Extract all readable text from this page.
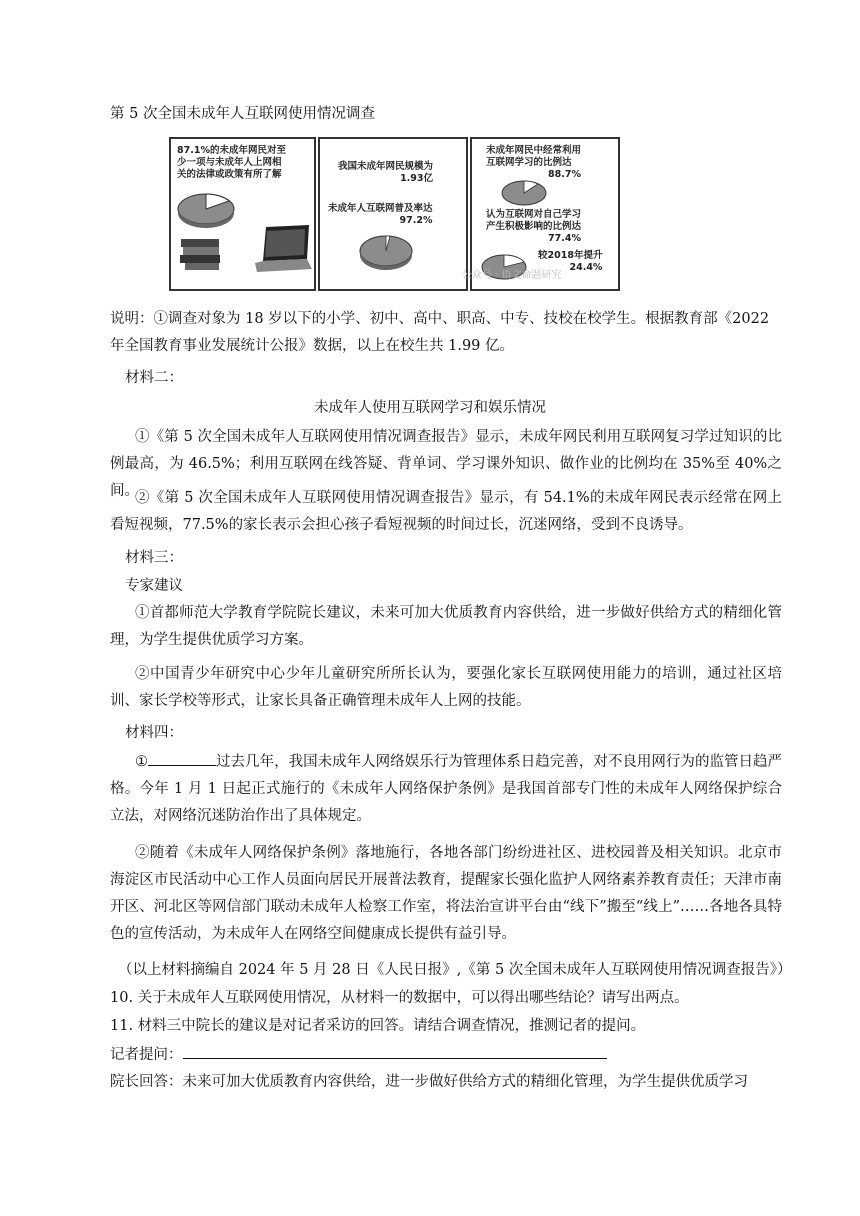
第 5 次全国未成年人互联网使用情况调查
87.1%的未成年网民对至
少一项与未成年人上网相
关的法律或政策有所了解
我国未成年网民规模为
1.93亿
未成年人互联网普及率达
97.2%
未成年网民中经常利用
互联网学习的比例达
88.7%
认为互联网对自己学习
产生积极影响的比例达
77.4%
较2018年提升
24.4%
公众号 · 语文命题研究
说明：①调查对象为 18 岁以下的小学、初中、高中、职高、中专、技校在校学生。根据教育部《2022
年全国教育事业发展统计公报》数据，以上在校生共 1.99 亿。
材料二：
未成年人使用互联网学习和娱乐情况
①《第 5 次全国未成年人互联网使用情况调查报告》显示，未成年网民利用互联网复习学过知识的比例最高，为 46.5%；利用互联网在线答疑、背单词、学习课外知识、做作业的比例均在 35%至 40%之间。
②《第 5 次全国未成年人互联网使用情况调查报告》显示，有 54.1%的未成年网民表示经常在网上看短视频，77.5%的家长表示会担心孩子看短视频的时间过长，沉迷网络，受到不良诱导。
材料三：
专家建议
①首都师范大学教育学院院长建议，未来可加大优质教育内容供给，进一步做好供给方式的精细化管理，为学生提供优质学习方案。
②中国青少年研究中心少年儿童研究所所长认为，要强化家长互联网使用能力的培训，通过社区培训、家长学校等形式，让家长具备正确管理未成年人上网的技能。
材料四：
①	过去几年，我国未成年人网络娱乐行为管理体系日趋完善，对不良用网行为的监管日趋严格。今年 1 月 1 日起正式施行的《未成年人网络保护条例》是我国首部专门性的未成年人网络保护综合立法，对网络沉迷防治作出了具体规定。
②随着《未成年人网络保护条例》落地施行，各地各部门纷纷进社区、进校园普及相关知识。北京市海淀区市民活动中心工作人员面向居民开展普法教育，提醒家长强化监护人网络素养教育责任；天津市南开区、河北区等网信部门联动未成年人检察工作室，将法治宣讲平台由“线下”搬至“线上”……各地各具特色的宣传活动，为未成年人在网络空间健康成长提供有益引导。
（以上材料摘编自 2024 年 5 月 28 日《人民日报》,《第 5 次全国未成年人互联网使用情况调查报告》）
10. 关于未成年人互联网使用情况，从材料一的数据中，可以得出哪些结论？请写出两点。
11. 材料三中院长的建议是对记者采访的回答。请结合调查情况，推测记者的提问。
记者提问：
院长回答：未来可加大优质教育内容供给，进一步做好供给方式的精细化管理，为学生提供优质学习
